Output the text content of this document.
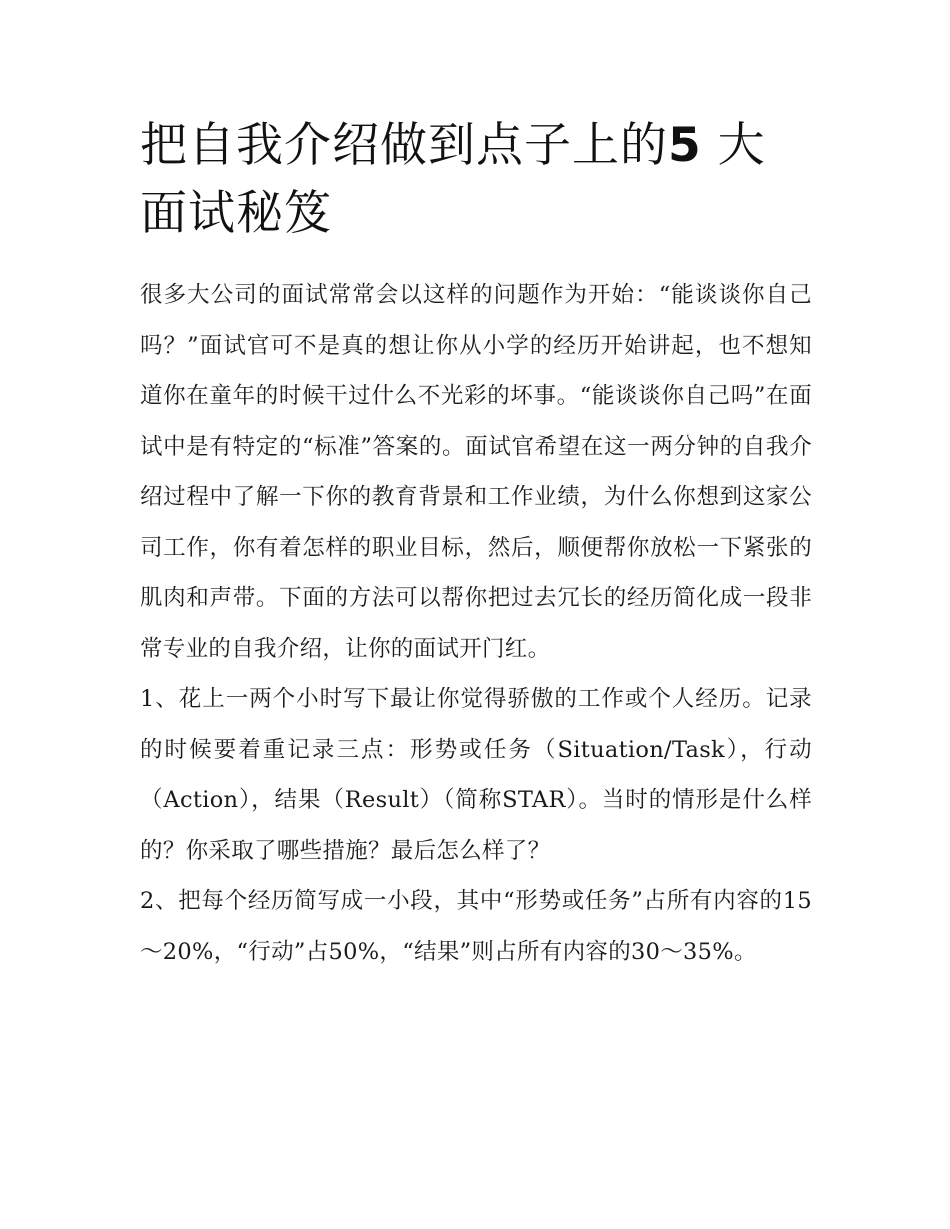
把自我介绍做到点子上的5 大面试秘笈

很多大公司的面试常常会以这样的问题作为开始：“能谈谈你自己吗？”面试官可不是真的想让你从小学的经历开始讲起，也不想知道你在童年的时候干过什么不光彩的坏事。“能谈谈你自己吗”在面试中是有特定的“标准”答案的。面试官希望在这一两分钟的自我介绍过程中了解一下你的教育背景和工作业绩，为什么你想到这家公司工作，你有着怎样的职业目标，然后，顺便帮你放松一下紧张的肌肉和声带。下面的方法可以帮你把过去冗长的经历简化成一段非常专业的自我介绍，让你的面试开门红。

1、花上一两个小时写下最让你觉得骄傲的工作或个人经历。记录的时候要着重记录三点：形势或任务（Situation/Task），行动（Action），结果（Result）（简称STAR）。当时的情形是什么样的？你采取了哪些措施？最后怎么样了？

2、把每个经历简写成一小段，其中“形势或任务”占所有内容的15～20%，“行动”占50%，“结果”则占所有内容的30～35%。
